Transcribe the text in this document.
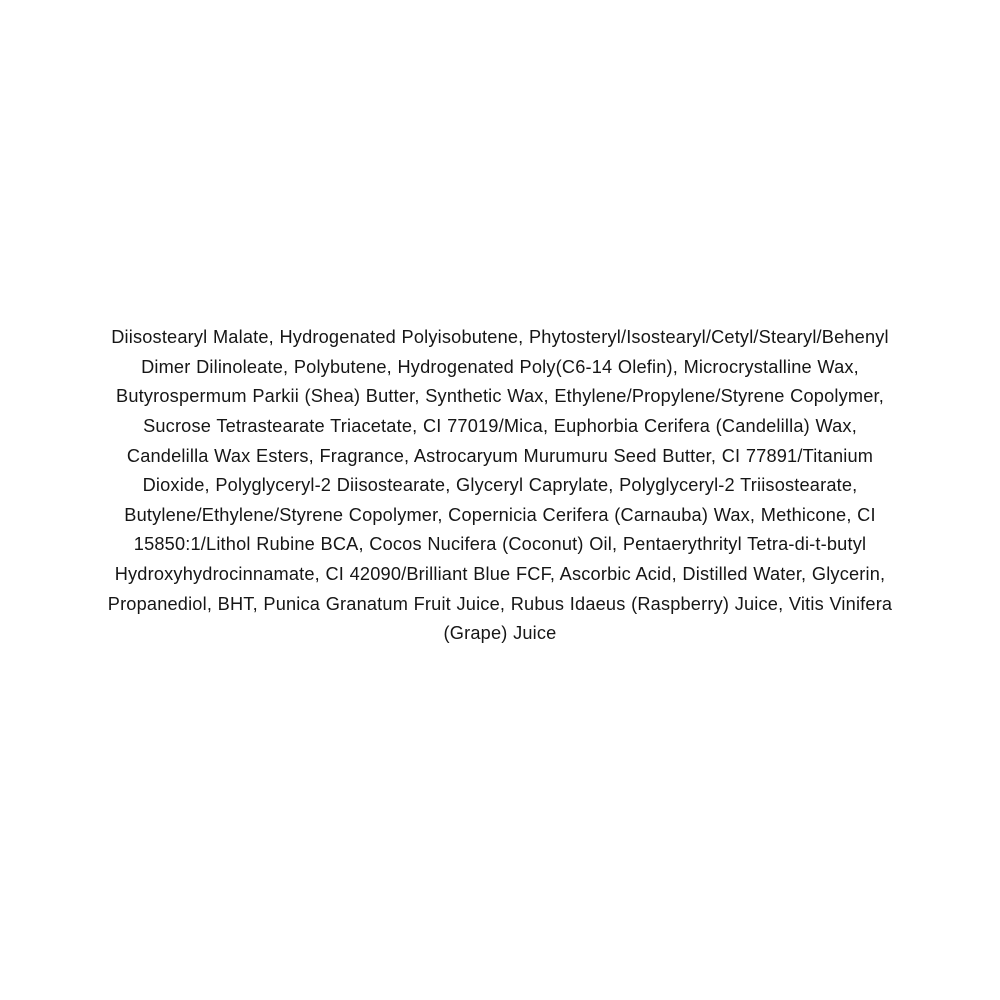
Diisostearyl Malate, Hydrogenated Polyisobutene, Phytosteryl/Isostearyl/Cetyl/Stearyl/Behenyl Dimer Dilinoleate, Polybutene, Hydrogenated Poly(C6-14 Olefin), Microcrystalline Wax, Butyrospermum Parkii (Shea) Butter, Synthetic Wax, Ethylene/Propylene/Styrene Copolymer, Sucrose Tetrastearate Triacetate, CI 77019/Mica, Euphorbia Cerifera (Candelilla) Wax, Candelilla Wax Esters, Fragrance, Astrocaryum Murumuru Seed Butter, CI 77891/Titanium Dioxide, Polyglyceryl-2 Diisostearate, Glyceryl Caprylate, Polyglyceryl-2 Triisostearate, Butylene/Ethylene/Styrene Copolymer, Copernicia Cerifera (Carnauba) Wax, Methicone, CI 15850:1/Lithol Rubine BCA, Cocos Nucifera (Coconut) Oil, Pentaerythrityl Tetra-di-t-butyl Hydroxyhydrocinnamate, CI 42090/Brilliant Blue FCF, Ascorbic Acid, Distilled Water, Glycerin, Propanediol, BHT, Punica Granatum Fruit Juice, Rubus Idaeus (Raspberry) Juice, Vitis Vinifera (Grape) Juice
